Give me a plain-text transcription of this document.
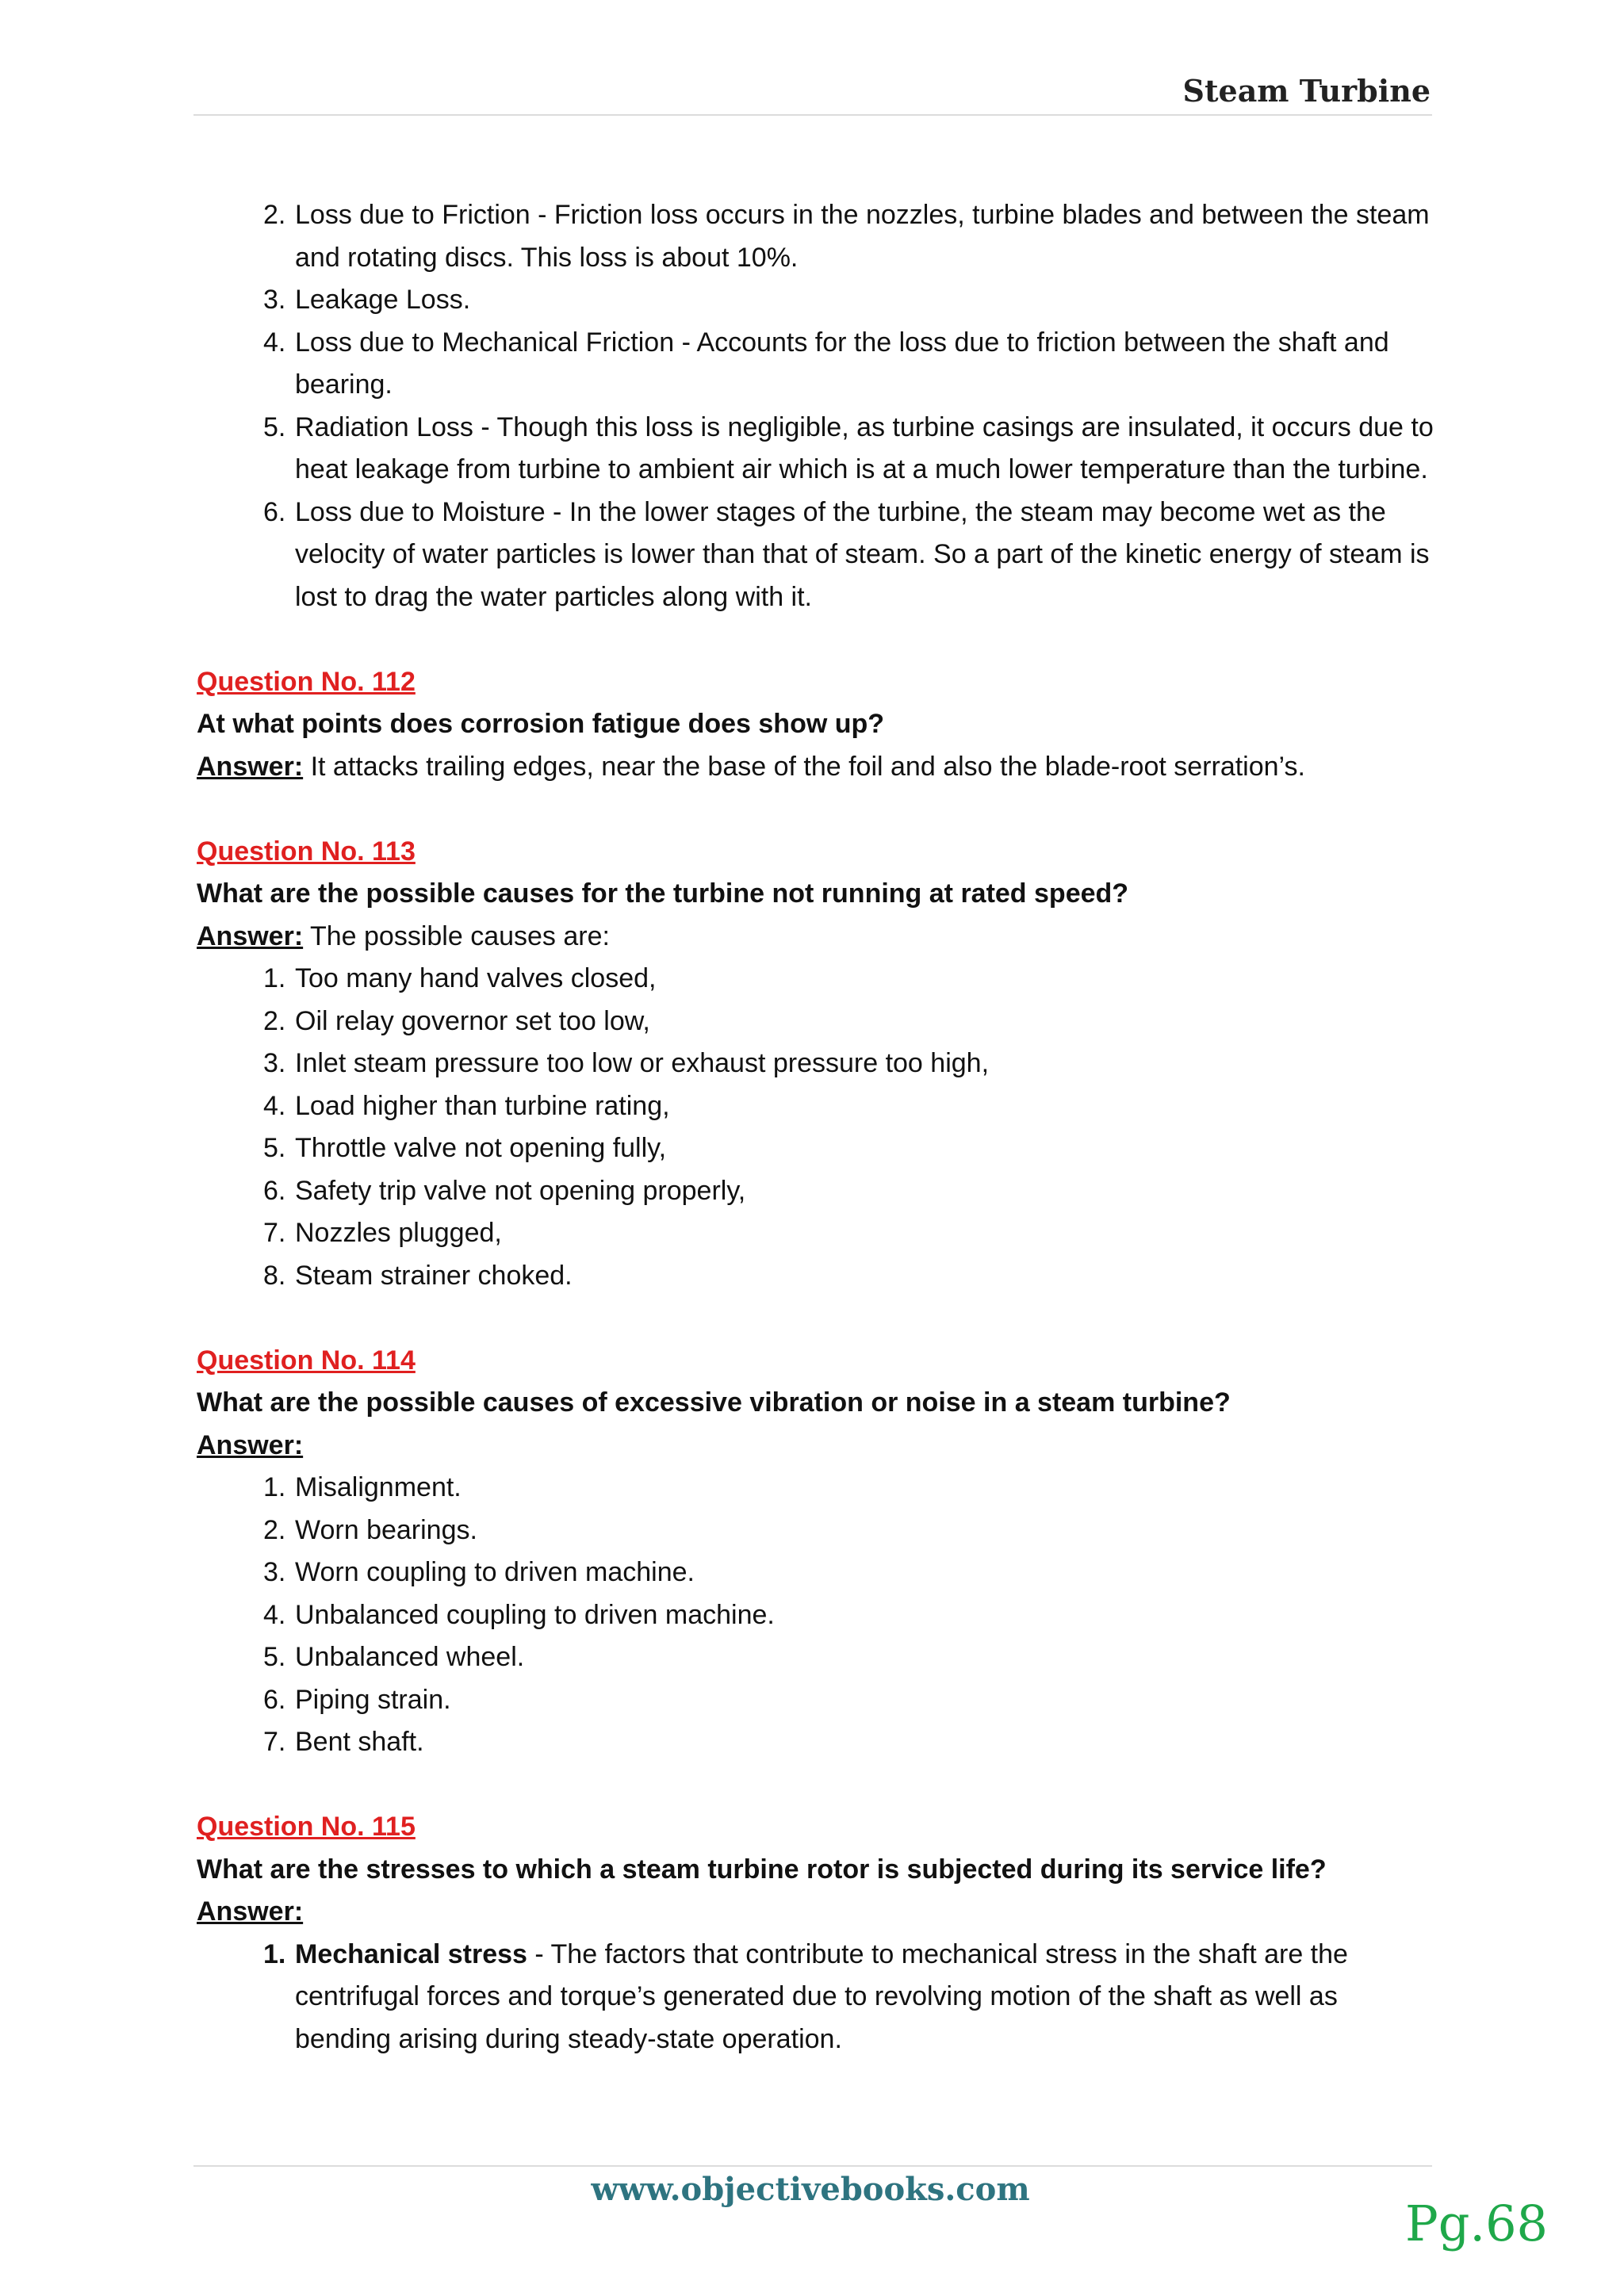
Steam Turbine
2. Loss due to Friction - Friction loss occurs in the nozzles, turbine blades and between the steam and rotating discs. This loss is about 10%.
3. Leakage Loss.
4. Loss due to Mechanical Friction - Accounts for the loss due to friction between the shaft and bearing.
5. Radiation Loss - Though this loss is negligible, as turbine casings are insulated, it occurs due to heat leakage from turbine to ambient air which is at a much lower temperature than the turbine.
6. Loss due to Moisture - In the lower stages of the turbine, the steam may become wet as the velocity of water particles is lower than that of steam. So a part of the kinetic energy of steam is lost to drag the water particles along with it.
Question No. 112
At what points does corrosion fatigue does show up?
Answer: It attacks trailing edges, near the base of the foil and also the blade-root serration’s.
Question No. 113
What are the possible causes for the turbine not running at rated speed?
Answer: The possible causes are:
1. Too many hand valves closed,
2. Oil relay governor set too low,
3. Inlet steam pressure too low or exhaust pressure too high,
4. Load higher than turbine rating,
5. Throttle valve not opening fully,
6. Safety trip valve not opening properly,
7. Nozzles plugged,
8. Steam strainer choked.
Question No. 114
What are the possible causes of excessive vibration or noise in a steam turbine?
Answer:
1. Misalignment.
2. Worn bearings.
3. Worn coupling to driven machine.
4. Unbalanced coupling to driven machine.
5. Unbalanced wheel.
6. Piping strain.
7. Bent shaft.
Question No. 115
What are the stresses to which a steam turbine rotor is subjected during its service life?
Answer:
1. Mechanical stress - The factors that contribute to mechanical stress in the shaft are the centrifugal forces and torque’s generated due to revolving motion of the shaft as well as bending arising during steady-state operation.
www.objectivebooks.com
Pg.68
